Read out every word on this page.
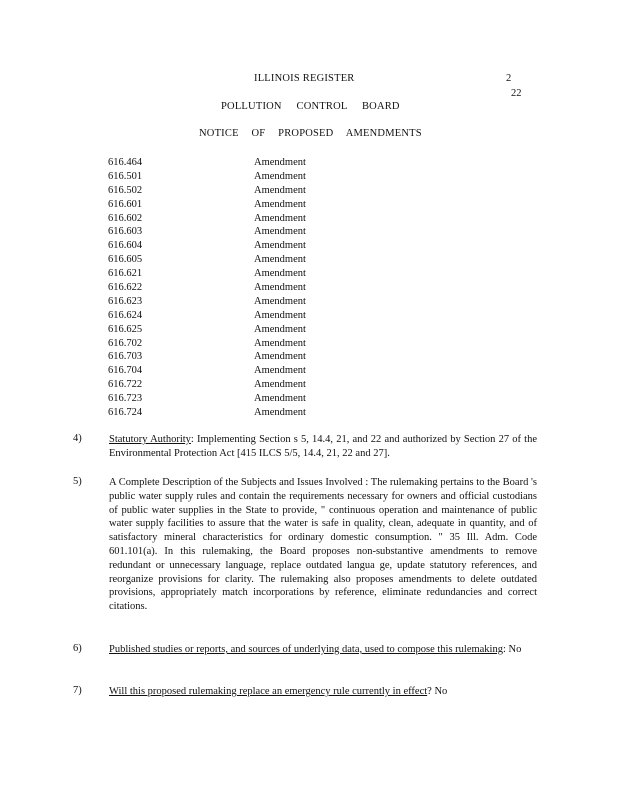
ILLINOIS REGISTER	2
22
POLLUTION CONTROL BOARD
NOTICE OF PROPOSED AMENDMENTS
616.464	Amendment
616.501	Amendment
616.502	Amendment
616.601	Amendment
616.602	Amendment
616.603	Amendment
616.604	Amendment
616.605	Amendment
616.621	Amendment
616.622	Amendment
616.623	Amendment
616.624	Amendment
616.625	Amendment
616.702	Amendment
616.703	Amendment
616.704	Amendment
616.722	Amendment
616.723	Amendment
616.724	Amendment
4)	Statutory Authority: Implementing Section s 5, 14.4, 21, and 22 and authorized by Section 27 of the Environmental Protection Act [415 ILCS 5/5, 14.4, 21, 22 and 27].
5)	A Complete Description of the Subjects and Issues Involved : The rulemaking pertains to the Board 's public water supply rules and contain the requirements necessary for owners and official custodians of public water supplies in the State to provide, " continuous operation and maintenance of public water supply facilities to assure that the water is safe in quality, clean, adequate in quantity, and of satisfactory mineral characteristics for ordinary domestic consumption. " 35 Ill. Adm. Code 601.101(a). In this rulemaking, the Board proposes non-substantive amendments to remove redundant or unnecessary language, replace outdated langua ge, update statutory references, and reorganize provisions for clarity. The rulemaking also proposes amendments to delete outdated provisions, appropriately match incorporations by reference, eliminate redundancies and correct citations.
6)	Published studies or reports, and sources of underlying data, used to compose this rulemaking: No
7)	Will this proposed rulemaking replace an emergency rule currently in effect? No
